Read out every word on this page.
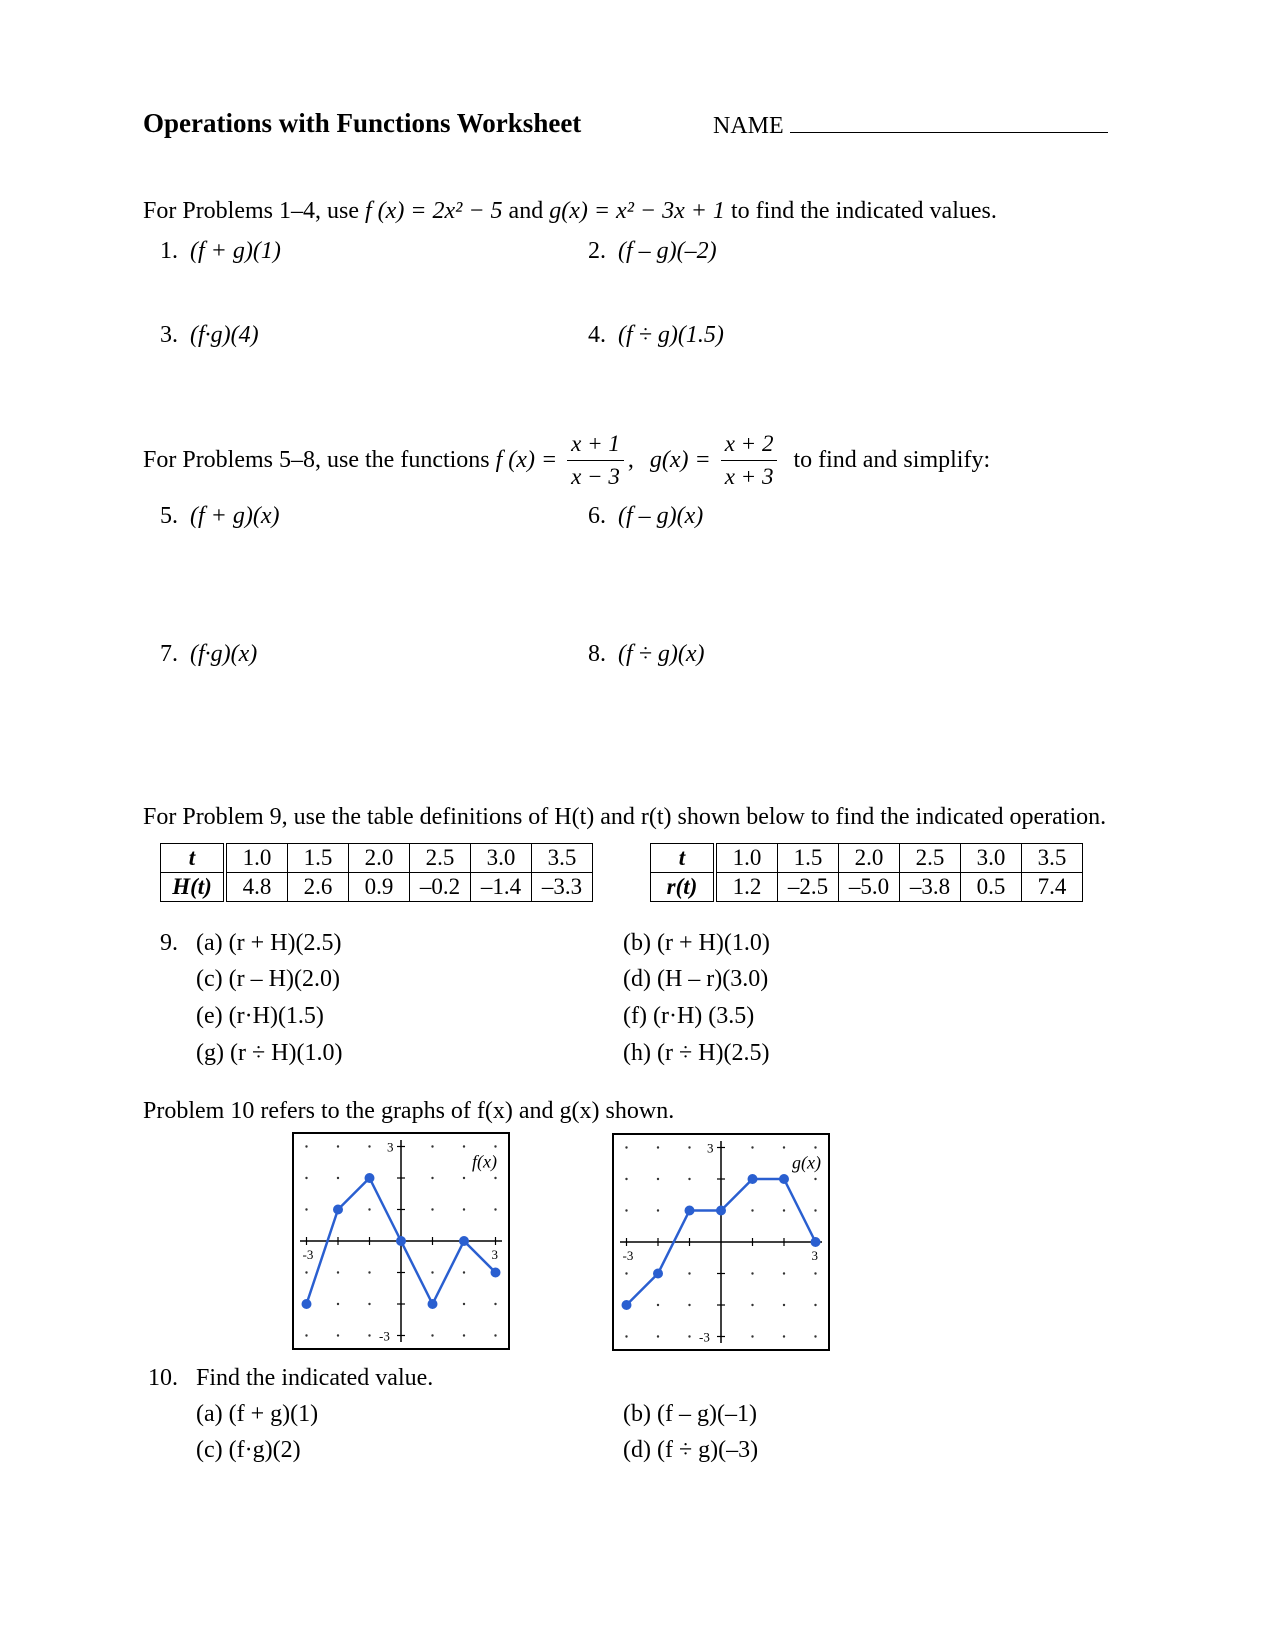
Operations with Functions Worksheet	NAME
For Problems 1–4, use f (x) = 2x² − 5 and g(x) = x² − 3x + 1 to find the indicated values.
1. (f + g)(1)	2. (f – g)(–2)
3. (f·g)(4)	4. (f ÷ g)(1.5)
For Problems 5–8, use the functions f $(x) = \frac{x + 1}{x - 3}$ , $g(x) = \frac{x + 2}{x + 3}$ to find and simplify:
5. (f + g)(x)	6. (f – g)(x)
7. (f·g)(x)	8. (f ÷ g)(x)
For Problem 9, use the table definitions of H(t) and r(t) shown below to find the indicated operation.
t	1.0	1.5	2.0	2.5	3.0	3.5
H(t)	4.8	2.6	0.9	–0.2	–1.4	–3.3
t	1.0	1.5	2.0	2.5	3.0	3.5
r(t)	1.2	–2.5	–5.0	–3.8	0.5	7.4
9. (a) (r + H)(2.5)	(b) (r + H)(1.0)
(c) (r – H)(2.0)	(d) (H – r)(3.0)
(e) (r·H)(1.5)	(f) (r·H) (3.5)
(g) (r ÷ H)(1.0)	(h) (r ÷ H)(2.5)
Problem 10 refers to the graphs of f(x) and g(x) shown.
-3	3
3
-3
f(x)
-3	3
3
-3
g(x)
10. Find the indicated value.
(a) (f + g)(1)	(b) (f – g)(–1)
(c) (f·g)(2)	(d) (f ÷ g)(–3)
